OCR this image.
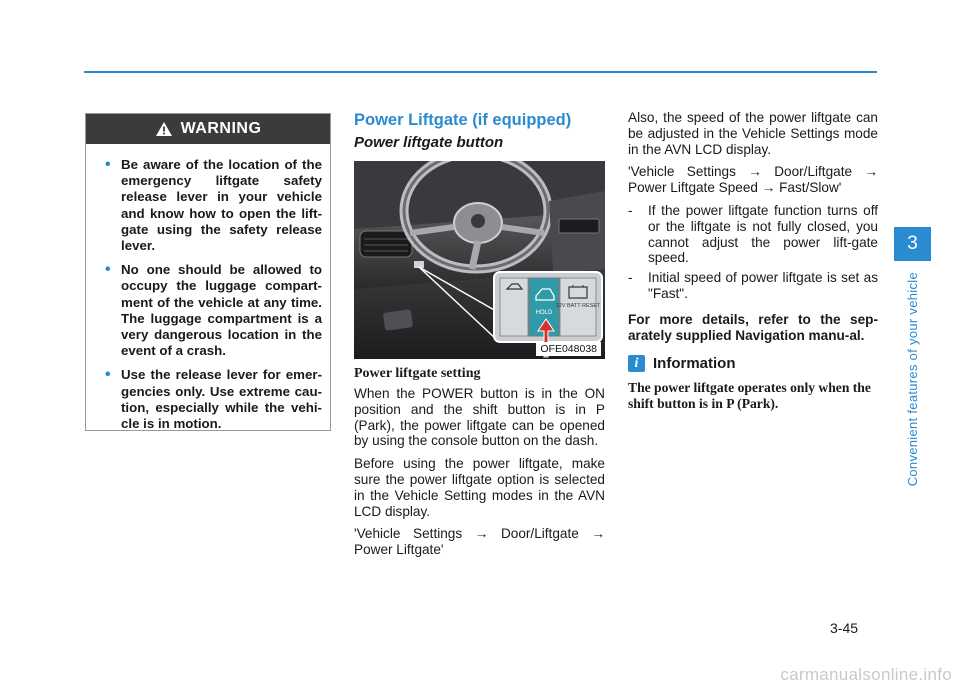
WARNING
• Be aware of the location of the emergency liftgate safety release lever in your vehicle and know how to open the lift-gate using the safety release lever.
• No one should be allowed to occupy the luggage compart-ment of the vehicle at any time. The luggage compartment is a very dangerous location in the event of a crash.
• Use the release lever for emer-gencies only. Use extreme cau-tion, especially while the vehi-cle is in motion.
Power Liftgate (if equipped)
Power liftgate button
HOLD
12V BATT RESET
OFE048038
Power liftgate setting

When the POWER button is in the ON position and the shift button is in P (Park), the power liftgate can be opened by using the console button on the dash.

Before using the power liftgate, make sure the power liftgate option is selected in the Vehicle Setting modes in the AVN LCD display.

'Vehicle Settings → Door/Liftgate → Power Liftgate'

Also, the speed of the power liftgate can be adjusted in the Vehicle Settings mode in the AVN LCD display.

'Vehicle Settings → Door/Liftgate → Power Liftgate Speed → Fast/Slow'

- If the power liftgate function turns off or the liftgate is not fully closed, you cannot adjust the power lift-gate speed.
- Initial speed of power liftgate is set as "Fast".

For more details, refer to the sep-arately supplied Navigation manu-al.

i Information
The power liftgate operates only when the shift button is in P (Park).
3
Convenient features of your vehicle
3-45
carmanualsonline.info
